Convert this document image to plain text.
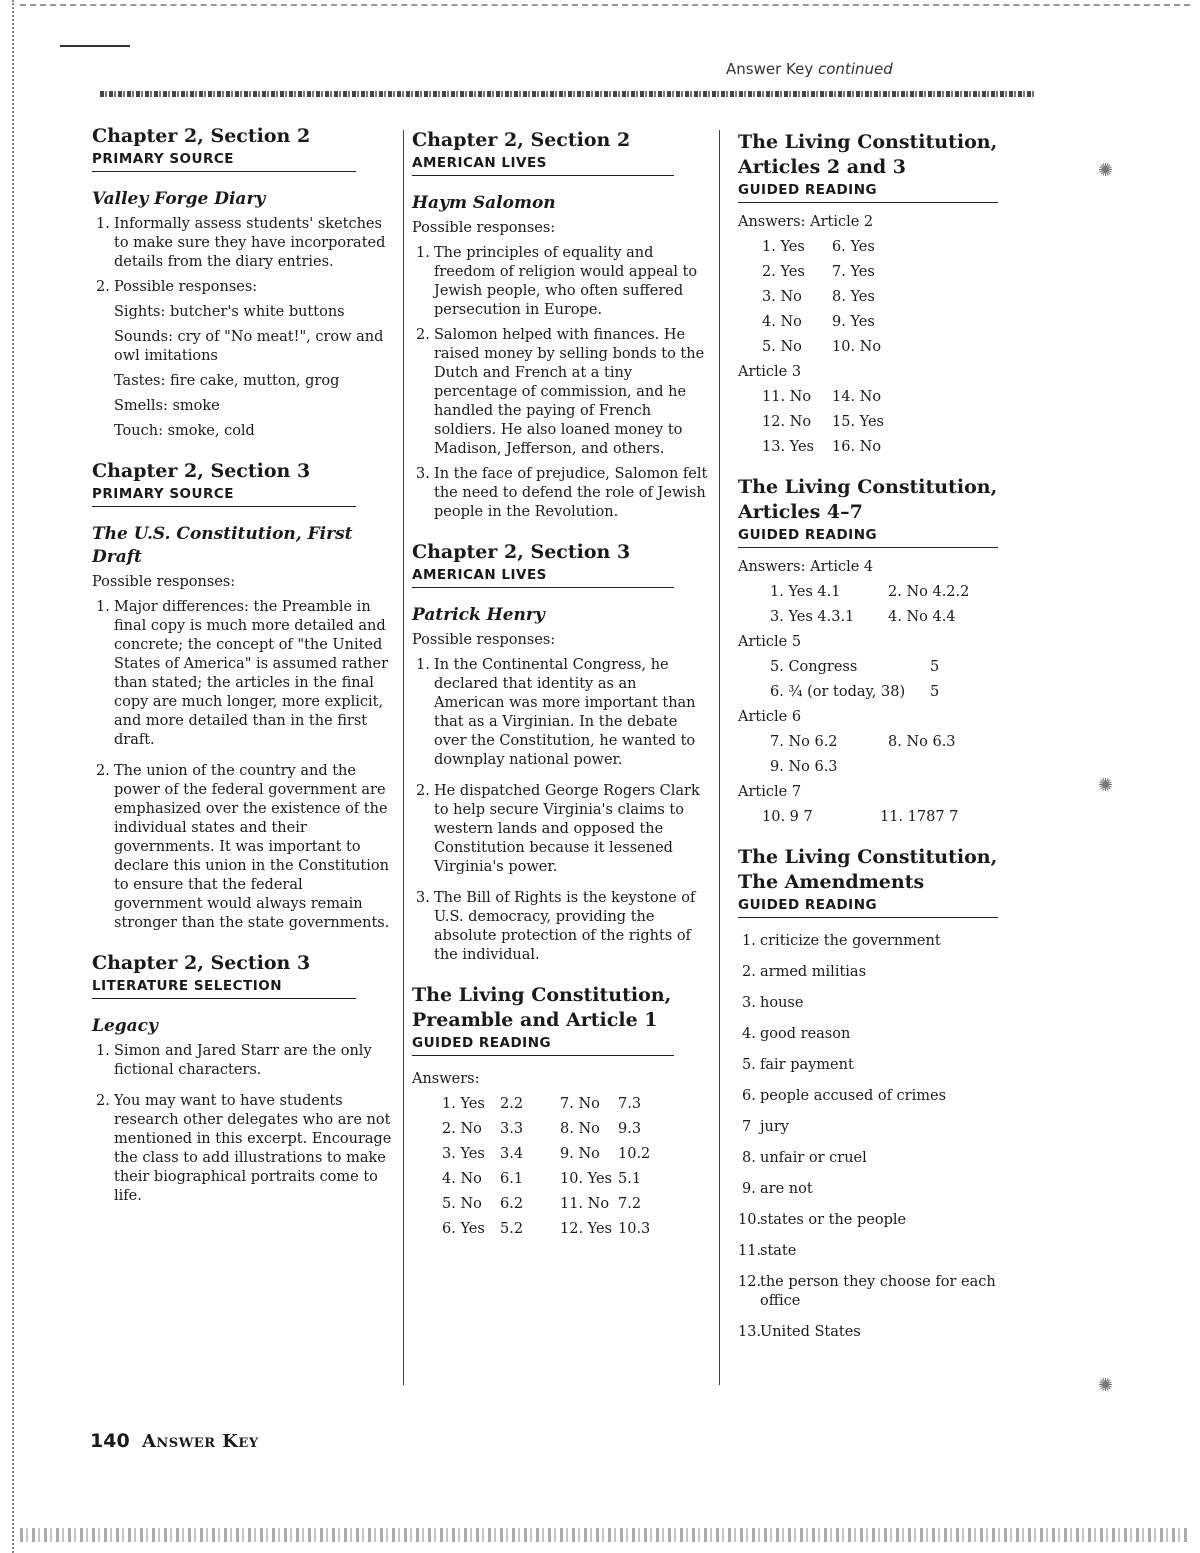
Answer Key continued
Chapter 2, Section 2
PRIMARY SOURCE
Valley Forge Diary
1. Informally assess students' sketches to make sure they have incorporated details from the diary entries.
2. Possible responses:
Sights: butcher's white buttons
Sounds: cry of "No meat!", crow and owl imitations
Tastes: fire cake, mutton, grog
Smells: smoke
Touch: smoke, cold
Chapter 2, Section 3
PRIMARY SOURCE
The U.S. Constitution, First Draft
Possible responses:
1. Major differences: the Preamble in final copy is much more detailed and concrete; the concept of "the United States of America" is assumed rather than stated; the articles in the final copy are much longer, more explicit, and more detailed than in the first draft.
2. The union of the country and the power of the federal government are emphasized over the existence of the individual states and their governments. It was important to declare this union in the Constitution to ensure that the federal government would always remain stronger than the state governments.
Chapter 2, Section 3
LITERATURE SELECTION
Legacy
1. Simon and Jared Starr are the only fictional characters.
2. You may want to have students research other delegates who are not mentioned in this excerpt. Encourage the class to add illustrations to make their biographical portraits come to life.
Chapter 2, Section 2
AMERICAN LIVES
Haym Salomon
Possible responses:
1. The principles of equality and freedom of religion would appeal to Jewish people, who often suffered persecution in Europe.
2. Salomon helped with finances. He raised money by selling bonds to the Dutch and French at a tiny percentage of commission, and he handled the paying of French soldiers. He also loaned money to Madison, Jefferson, and others.
3. In the face of prejudice, Salomon felt the need to defend the role of Jewish people in the Revolution.
Chapter 2, Section 3
AMERICAN LIVES
Patrick Henry
Possible responses:
1. In the Continental Congress, he declared that identity as an American was more important than that as a Virginian. In the debate over the Constitution, he wanted to downplay national power.
2. He dispatched George Rogers Clark to help secure Virginia's claims to western lands and opposed the Constitution because it lessened Virginia's power.
3. The Bill of Rights is the keystone of U.S. democracy, providing the absolute protection of the rights of the individual.
The Living Constitution, Preamble and Article 1
GUIDED READING
Answers:
1. Yes	2.2	7. No	7.3
2. No	3.3	8. No	9.3
3. Yes	3.4	9. No	10.2
4. No	6.1	10. Yes 5.1
5. No	6.2	11. No 7.2
6. Yes	5.2	12. Yes 10.3
The Living Constitution, Articles 2 and 3
GUIDED READING
Answers: Article 2
1. Yes	6. Yes
2. Yes	7. Yes
3. No	8. Yes
4. No	9. Yes
5. No	10. No
Article 3
11. No	14. No
12. No	15. Yes
13. Yes	16. No
The Living Constitution, Articles 4–7
GUIDED READING
Answers: Article 4
1. Yes 4.1	2. No 4.2.2
3. Yes 4.3.1	4. No 4.4
Article 5
5. Congress	5
6. ¾ (or today, 38)	5
Article 6
7. No 6.2	8. No 6.3
9. No 6.3
Article 7
10. 9 7	11. 1787 7
The Living Constitution, The Amendments
GUIDED READING
1. criticize the government
2. armed militias
3. house
4. good reason
5. fair payment
6. people accused of crimes
7 jury
8. unfair or cruel
9. are not
10.
states or the people
11.
state
12.
the person they choose for each office
13.
United States
✺
✺
✺
140 Answer Key
